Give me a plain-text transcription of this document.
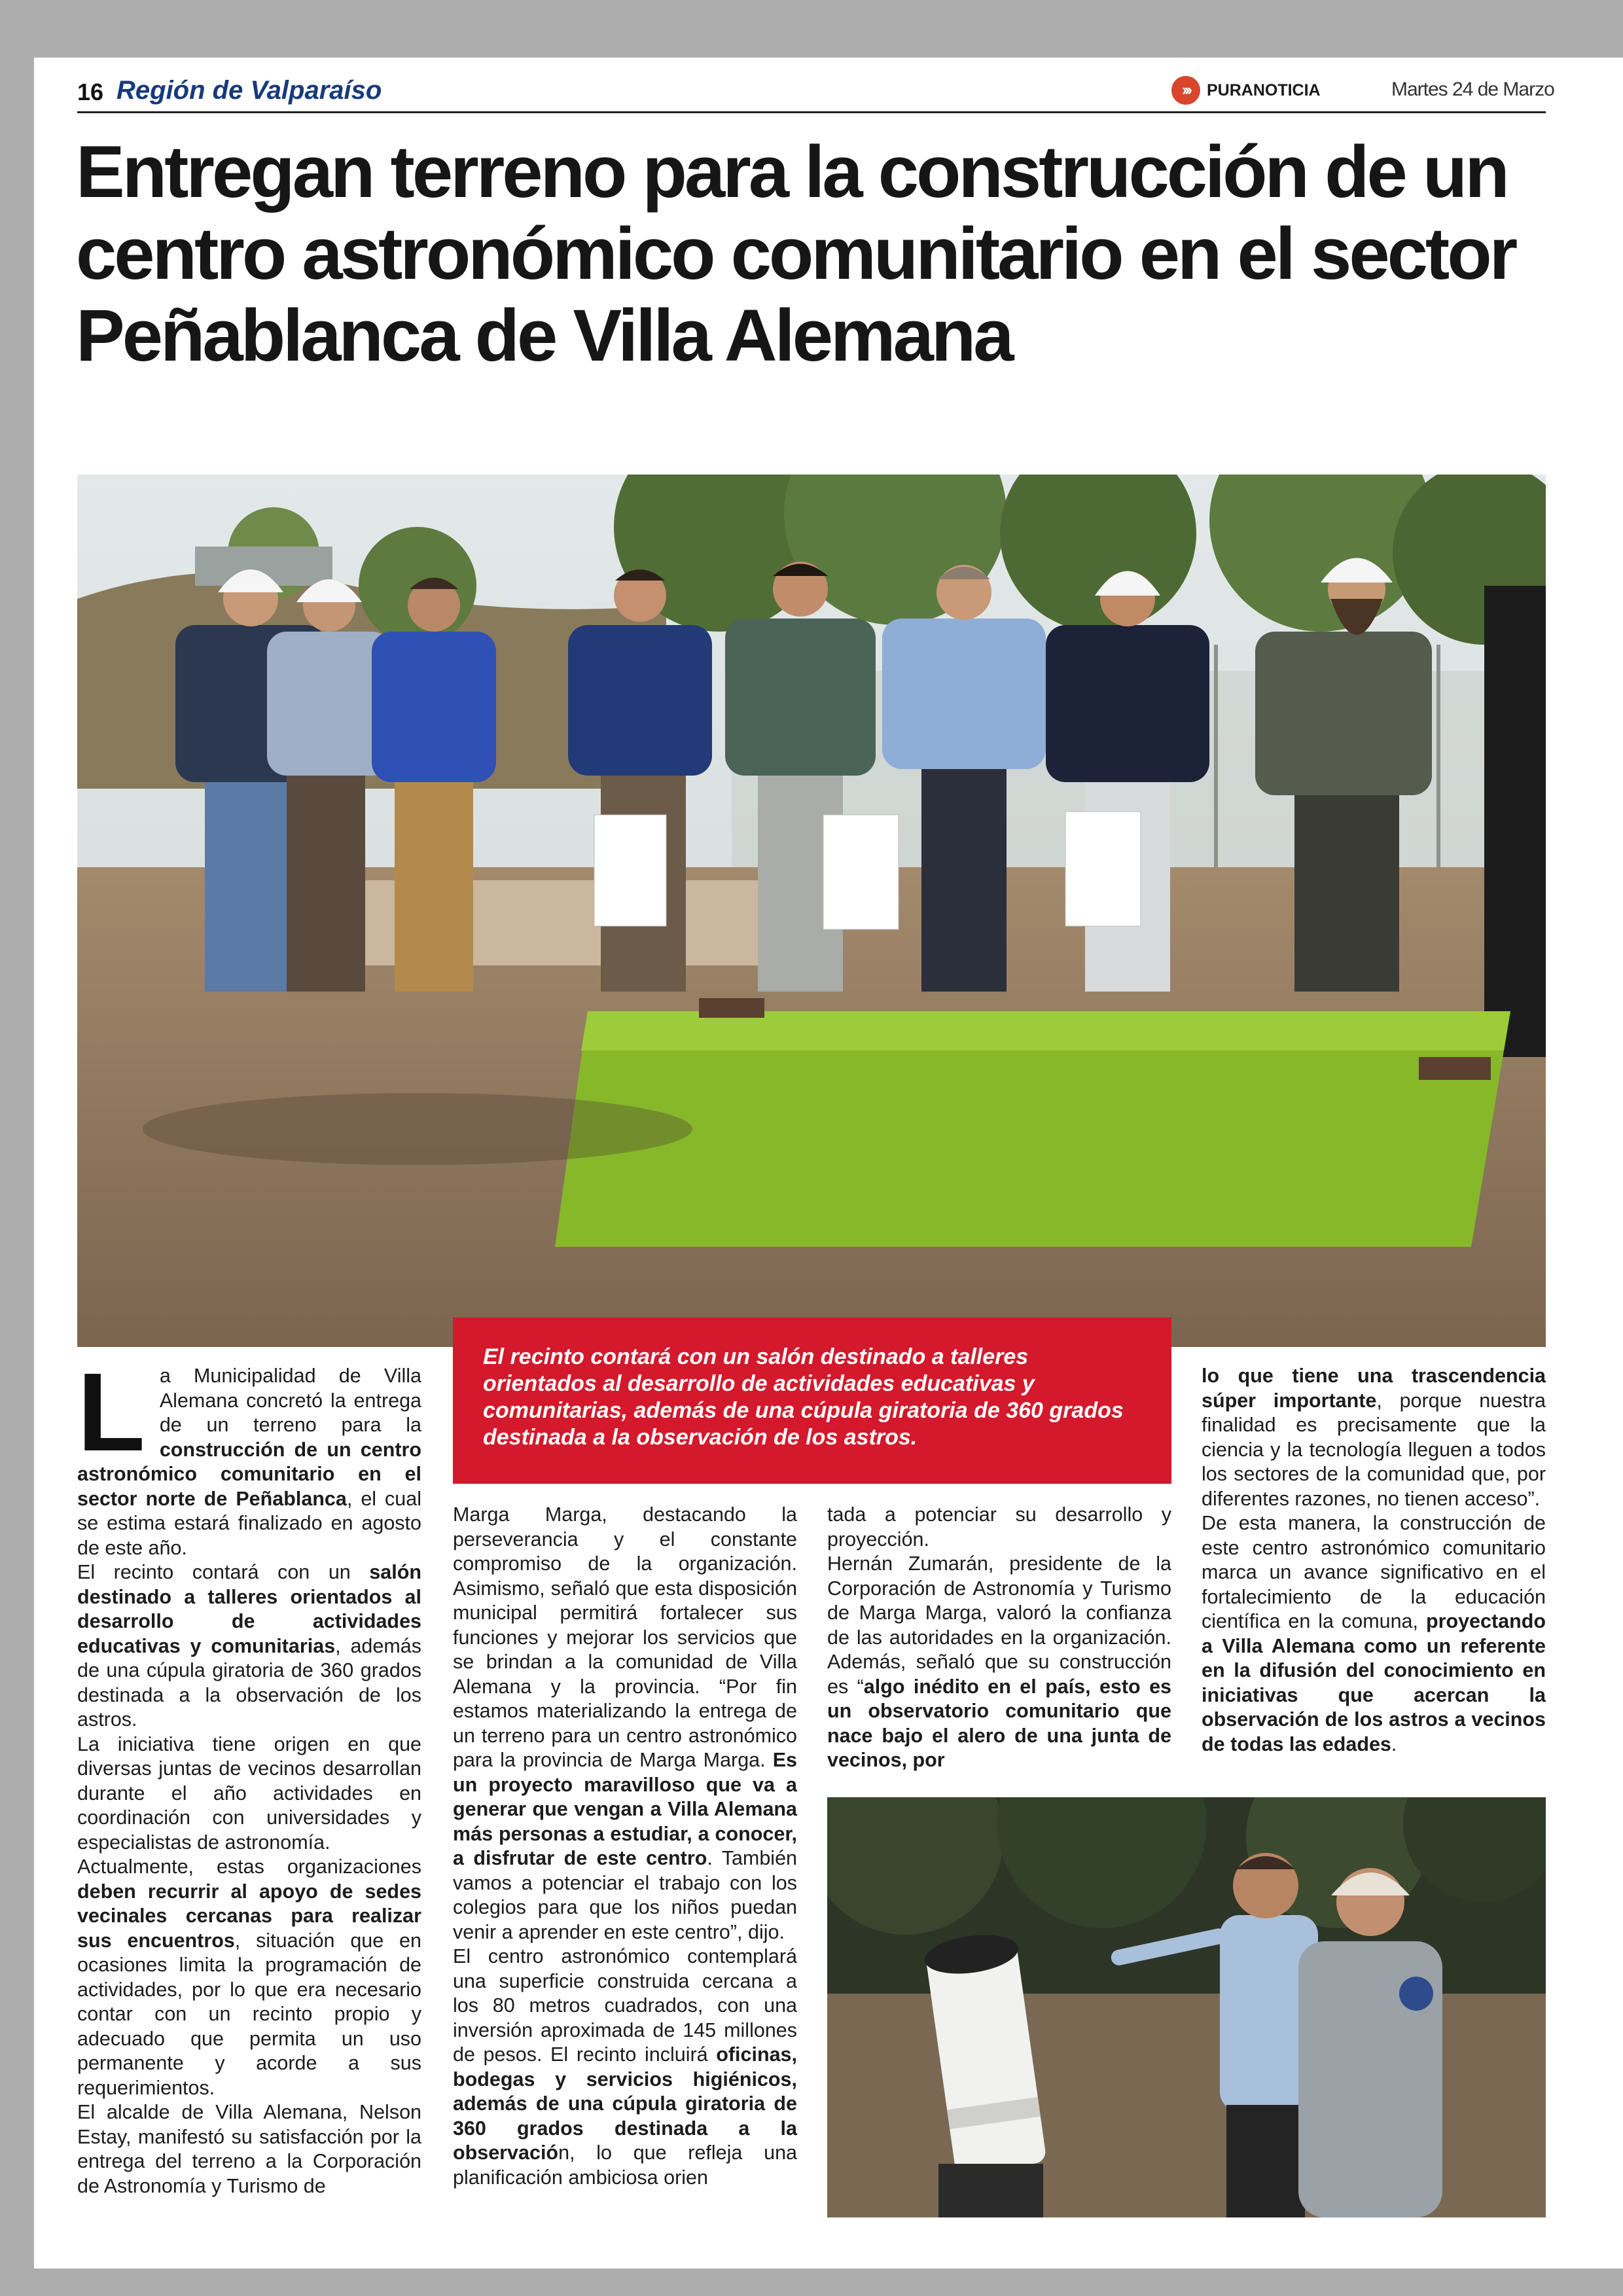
16 Región de Valparaíso	›››	PURANOTICIA	Martes 24 de Marzo
Entregan terreno para la construcción de un centro astronómico comunitario en el sector Peñablanca de Villa Alemana

El recinto contará con un salón destinado a talleres orientados al desarrollo de actividades educativas y comunitarias, además de una cúpula giratoria de 360 grados destinada a la observación de los astros.

L a Municipalidad de Villa Alemana concretó la entrega de un terreno para la construcción de un centro astronómico comunitario en el sector norte de Peñablanca, el cual se estima estará finalizado en agosto de este año.

El recinto contará con un salón destinado a talleres orientados al desarrollo de actividades educativas y comunitarias, además de una cúpula giratoria de 360 grados destinada a la observación de los astros.

La iniciativa tiene origen en que diversas juntas de vecinos desarrollan durante el año actividades en coordinación con universidades y especialistas de astronomía.

Actualmente, estas organizaciones deben recurrir al apoyo de sedes vecinales cercanas para realizar sus encuentros, situación que en ocasiones limita la programación de actividades, por lo que era necesario contar con un recinto propio y adecuado que permita un uso permanente y acorde a sus requerimientos.

El alcalde de Villa Alemana, Nelson Estay, manifestó su satisfacción por la entrega del terreno a la Corporación de Astronomía y Turismo de

Marga Marga, destacando la perseverancia y el constante compromiso de la organización. Asimismo, señaló que esta disposición municipal permitirá fortalecer sus funciones y mejorar los servicios que se brindan a la comunidad de Villa Alemana y la provincia. “Por fin estamos materializando la entrega de un terreno para un centro astronómico para la provincia de Marga Marga. Es un proyecto maravilloso que va a generar que vengan a Villa Alemana más personas a estudiar, a conocer, a disfrutar de este centro. También vamos a potenciar el trabajo con los colegios para que los niños puedan venir a aprender en este centro”, dijo.

El centro astronómico contemplará una superficie construida cercana a los 80 metros cuadrados, con una inversión aproximada de 145 millones de pesos. El recinto incluirá oficinas, bodegas y servicios higiénicos, además de una cúpula giratoria de 360 grados destinada a la observación, lo que refleja una planificación ambiciosa orien

tada a potenciar su desarrollo y proyección.

Hernán Zumarán, presidente de la Corporación de Astronomía y Turismo de Marga Marga, valoró la confianza de las autoridades en la organización. Además, señaló que su construcción es “algo inédito en el país, esto es un observatorio comunitario que nace bajo el alero de una junta de vecinos, por

lo que tiene una trascendencia súper importante, porque nuestra finalidad es precisamente que la ciencia y la tecnología lleguen a todos los sectores de la comunidad que, por diferentes razones, no tienen acceso”.

De esta manera, la construcción de este centro astronómico comunitario marca un avance significativo en el fortalecimiento de la educación científica en la comuna, proyectando a Villa Alemana como un referente en la difusión del conocimiento en iniciativas que acercan la observación de los astros a vecinos de todas las edades.
